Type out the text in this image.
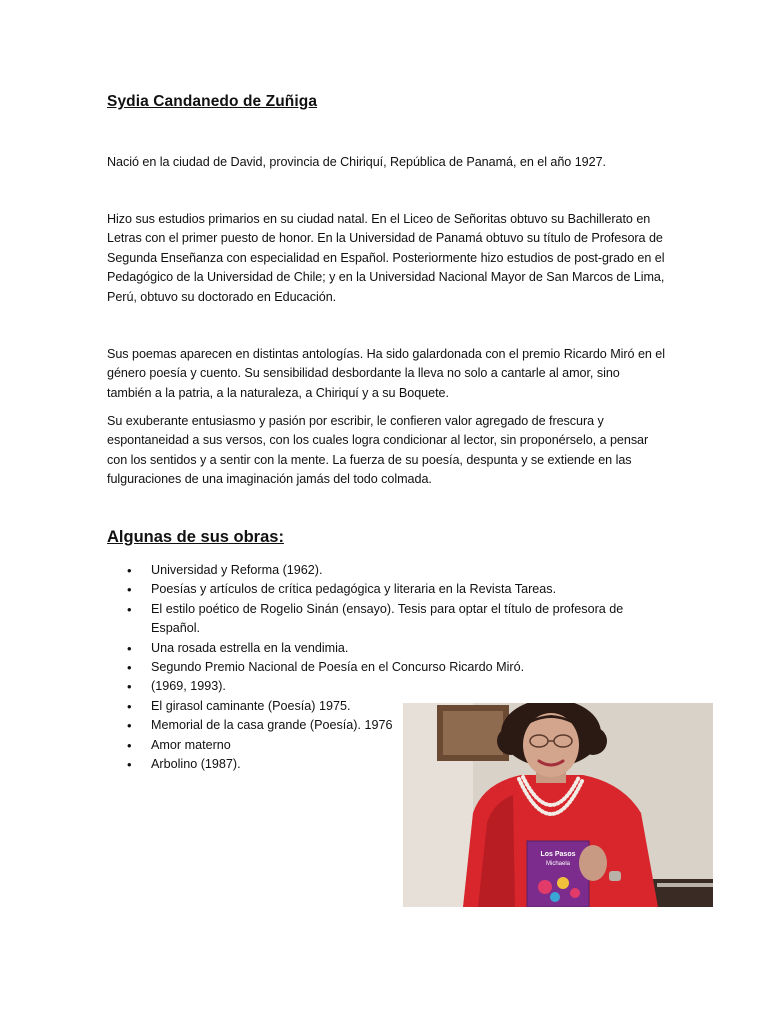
Sydia Candanedo de Zuñiga

Nació en la ciudad de David, provincia de Chiriquí, República de Panamá, en el año 1927.

Hizo sus estudios primarios en su ciudad natal. En el Liceo de Señoritas obtuvo su Bachillerato en Letras con el primer puesto de honor. En la Universidad de Panamá obtuvo su título de Profesora de Segunda Enseñanza con especialidad en Español. Posteriormente hizo estudios de post-grado en el Pedagógico de la Universidad de Chile; y en la Universidad Nacional Mayor de San Marcos de Lima, Perú, obtuvo su doctorado en Educación.

Sus poemas aparecen en distintas antologías. Ha sido galardonada con el premio Ricardo Miró en el género poesía y cuento. Su sensibilidad desbordante la lleva no solo a cantarle al amor, sino también a la patria, a la naturaleza, a Chiriquí y a su Boquete.

Su exuberante entusiasmo y pasión por escribir, le confieren valor agregado de frescura y espontaneidad a sus versos, con los cuales logra condicionar al lector, sin proponérselo, a pensar con los sentidos y a sentir con la mente. La fuerza de su poesía, despunta y se extiende en las fulguraciones de una imaginación jamás del todo colmada.

Algunas de sus obras:
• Universidad y Reforma (1962).
• Poesías y artículos de crítica pedagógica y literaria en la Revista Tareas.
• El estilo poético de Rogelio Sinán (ensayo). Tesis para optar el título de profesora de Español.
• Una rosada estrella en la vendimia.
• Segundo Premio Nacional de Poesía en el Concurso Ricardo Miró.
• (1969, 1993).
• El girasol caminante (Poesía) 1975.
• Memorial de la casa grande (Poesía). 1976
• Amor materno
• Arbolino (1987).
Los Pasos
Michaela
